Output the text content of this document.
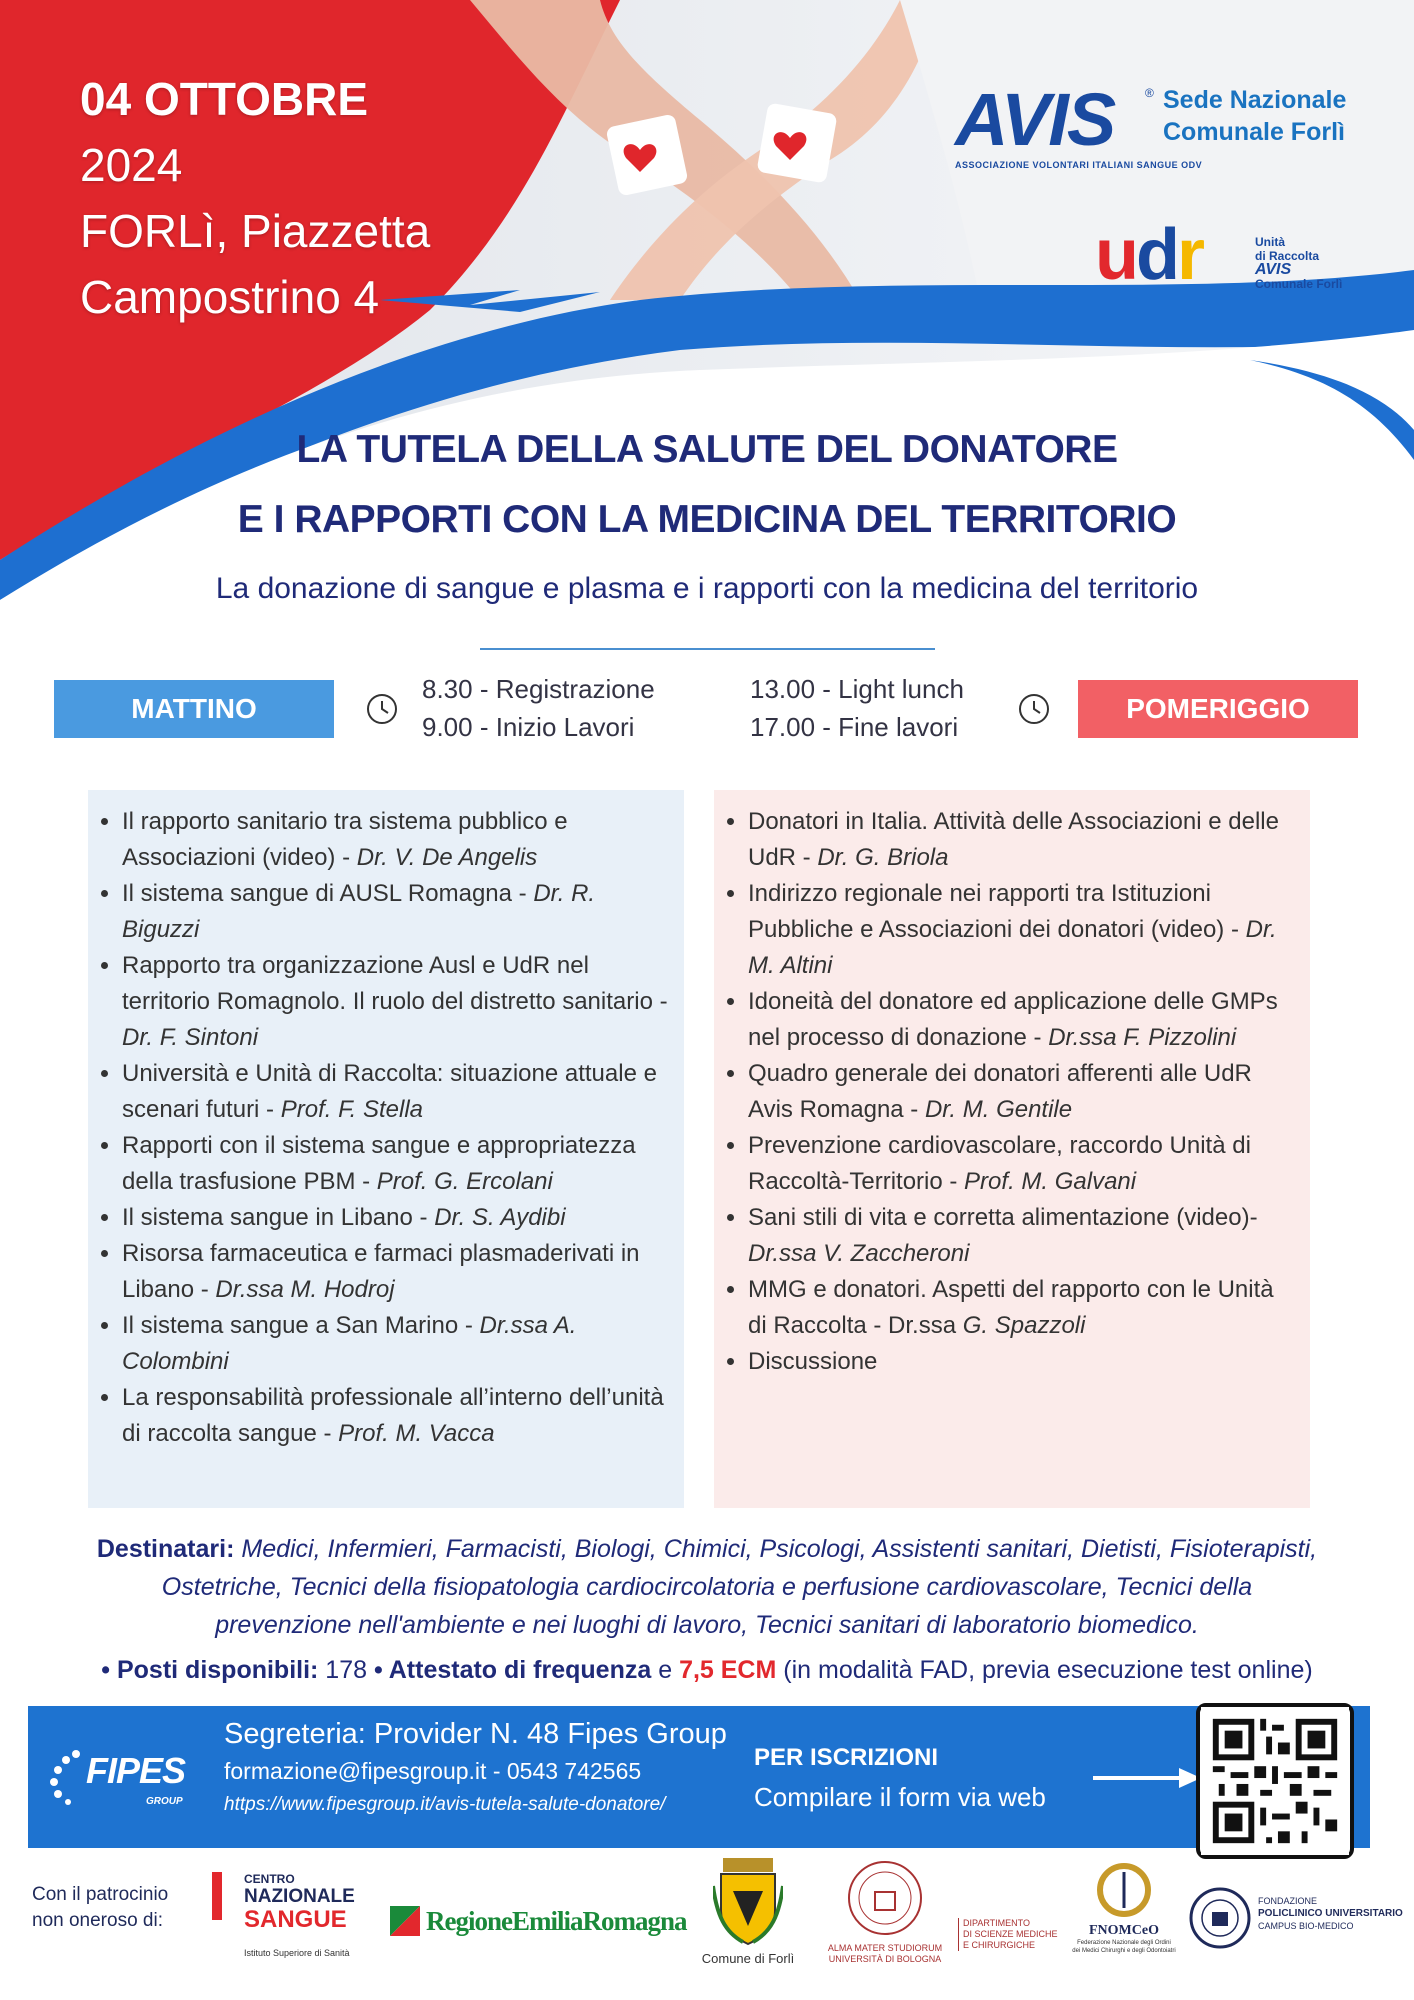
04 OTTOBRE
2024
FORLì, Piazzetta
Campostrino 4
AVIS	®
ASSOCIAZIONE VOLONTARI ITALIANI SANGUE ODV
Sede Nazionale
Comunale Forlì
udr	Unità
di Raccolta
AVIS
Comunale Forlì
LA TUTELA DELLA SALUTE DEL DONATORE
E I RAPPORTI CON LA MEDICINA DEL TERRITORIO
La donazione di sangue e plasma e i rapporti con la medicina del territorio
MATTINO
8.30 - Registrazione
9.00 - Inizio Lavori
13.00 - Light lunch
17.00 - Fine lavori
POMERIGGIO
• Il rapporto sanitario tra sistema pubblico e Associazioni (video) - Dr. V. De Angelis
• Il sistema sangue di AUSL Romagna - Dr. R. Biguzzi
• Rapporto tra organizzazione Ausl e UdR nel territorio Romagnolo. Il ruolo del distretto sanitario - Dr. F. Sintoni
• Università e Unità di Raccolta: situazione attuale e scenari futuri - Prof. F. Stella
• Rapporti con il sistema sangue e appropriatezza della trasfusione PBM - Prof. G. Ercolani
• Il sistema sangue in Libano - Dr. S. Aydibi
• Risorsa farmaceutica e farmaci plasmaderivati in Libano - Dr.ssa M. Hodroj
• Il sistema sangue a San Marino - Dr.ssa A. Colombini
• La responsabilità professionale all’interno dell’unità di raccolta sangue - Prof. M. Vacca
• Donatori in Italia. Attività delle Associazioni e delle UdR - Dr. G. Briola
• Indirizzo regionale nei rapporti tra Istituzioni Pubbliche e Associazioni dei donatori (video) - Dr. M. Altini
• Idoneità del donatore ed applicazione delle GMPs nel processo di donazione - Dr.ssa F. Pizzolini
• Quadro generale dei donatori afferenti alle UdR Avis Romagna - Dr. M. Gentile
• Prevenzione cardiovascolare, raccordo Unità di Raccoltà-Territorio - Prof. M. Galvani
• Sani stili di vita e corretta alimentazione (video)- Dr.ssa V. Zaccheroni
• MMG e donatori. Aspetti del rapporto con le Unità di Raccolta - Dr.ssa G. Spazzoli
• Discussione
Destinatari: Medici, Infermieri, Farmacisti, Biologi, Chimici, Psicologi, Assistenti sanitari, Dietisti, Fisioterapisti,
Ostetriche, Tecnici della fisiopatologia cardiocircolatoria e perfusione cardiovascolare, Tecnici della
prevenzione nell'ambiente e nei luoghi di lavoro, Tecnici sanitari di laboratorio biomedico.
• Posti disponibili: 178 • Attestato di frequenza e 7,5 ECM (in modalità FAD, previa esecuzione test online)
FIPES
GROUP
Segreteria: Provider N. 48 Fipes Group
formazione@fipesgroup.it - 0543 742565
https://www.fipesgroup.it/avis-tutela-salute-donatore/
PER ISCRIZIONI
Compilare il form via web
Con il patrocinio
non oneroso di:
CENTRO
NAZIONALE
SANGUE
Istituto Superiore di Sanità
RegioneEmiliaRomagna
Comune di Forlì
ALMA MATER STUDIORUM
UNIVERSITÀ DI BOLOGNA
DIPARTIMENTO
DI SCIENZE MEDICHE
E CHIRURGICHE
FNOMCeO
Federazione Nazionale degli Ordini
dei Medici Chirurghi e degli Odontoiatri
FONDAZIONE
POLICLINICO UNIVERSITARIO
CAMPUS BIO-MEDICO
